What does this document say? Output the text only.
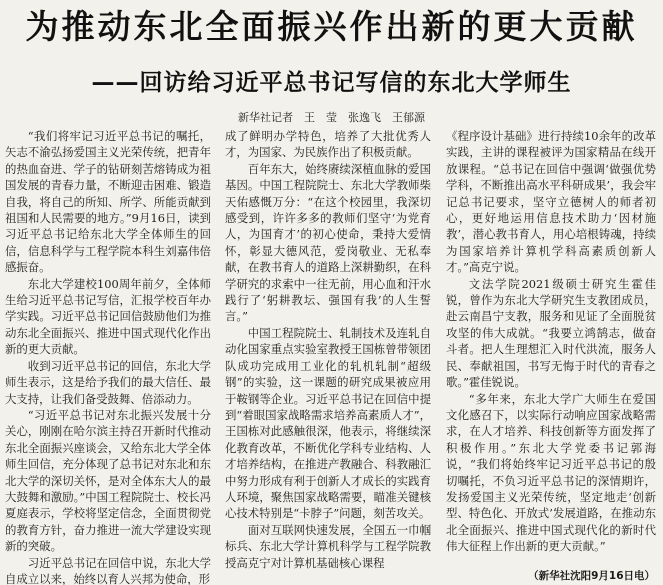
为推动东北全面振兴作出新的更大贡献
——回访给习近平总书记写信的东北大学师生
新华社记者　王　莹　张逸飞　王郁源

“我们将牢记习近平总书记的嘱托，矢志不渝弘扬爱国主义光荣传统，把青年的热血奋进、学子的钻研刻苦熔铸成为祖国发展的青春力量，不断迎击困难、锻造自我，将自己的所知、所学、所能贡献到祖国和人民需要的地方。”9月16日，读到习近平总书记给东北大学全体师生的回信，信息科学与工程学院本科生刘嘉伟倍感振奋。

东北大学建校100周年前夕，全体师生给习近平总书记写信，汇报学校百年办学实践。习近平总书记回信鼓励他们为推动东北全面振兴、推进中国式现代化作出新的更大贡献。

收到习近平总书记的回信，东北大学师生表示，这是给予我们的最大信任、最大支持，让我们备受鼓舞、倍添动力。

“习近平总书记对东北振兴发展十分关心，刚刚在哈尔滨主持召开新时代推动东北全面振兴座谈会，又给东北大学全体师生回信，充分体现了总书记对东北和东北大学的深切关怀，是对全体东大人的最大鼓舞和激励。”中国工程院院士、校长冯夏庭表示，学校将坚定信念，全面贯彻党的教育方针，奋力推进一流大学建设实现新的突破。

习近平总书记在回信中说，东北大学自成立以来，始终以育人兴邦为使命，形

成了鲜明办学特色，培养了大批优秀人才，为国家、为民族作出了积极贡献。

百年东大，始终赓续深植血脉的爱国基因。中国工程院院士、东北大学教师柴天佑感慨万分：“在这个校园里，我深切感受到，许许多多的教师们坚守‘为党育人，为国育才’的初心使命，秉持大爱情怀，彰显大德风范，爱岗敬业、无私奉献，在教书育人的道路上深耕勤织，在科学研究的求索中一往无前，用心血和汗水践行了‘躬耕教坛、强国有我’的人生誓言。”

中国工程院院士、轧制技术及连轧自动化国家重点实验室教授王国栋曾带领团队成功完成用工业化的轧机轧制“超级钢”的实验，这一课题的研究成果被应用于鞍钢等企业。习近平总书记在回信中提到“着眼国家战略需求培养高素质人才”，王国栋对此感触很深，他表示，将继续深化教育改革，不断优化学科专业结构、人才培养结构，在推进产教融合、科教融汇中努力形成有利于创新人才成长的实践育人环境，聚焦国家战略需要，瞄准关键核心技术特别是“卡脖子”问题，刻苦攻关。

面对互联网快速发展，全国五一巾帼标兵、东北大学计算机科学与工程学院教授高克宁对计算机基础核心课程

《程序设计基础》进行持续10余年的改革实践，主讲的课程被评为国家精品在线开放课程。“总书记在回信中强调‘做强优势学科，不断推出高水平科研成果’，我会牢记总书记要求，坚守立德树人的师者初心，更好地运用信息技术助力‘因材施教’，潜心教书育人，用心培根铸魂，持续为国家培养计算机学科高素质创新人才。”高克宁说。

文法学院2021级硕士研究生霍佳锐，曾作为东北大学研究生支教团成员，赴云南昌宁支教，服务和见证了全面脱贫攻坚的伟大成就。“我要立鸿鹄志，做奋斗者。把人生理想汇入时代洪流，服务人民、奉献祖国，书写无悔于时代的青春之歌。”霍佳锐说。

“多年来，东北大学广大师生在爱国文化感召下，以实际行动响应国家战略需求，在人才培养、科技创新等方面发挥了积极作用。”东北大学党委书记郭海说，“我们将始终牢记习近平总书记的殷切嘱托，不负习近平总书记的深情期许，发扬爱国主义光荣传统，坚定地走‘创新型、特色化、开放式’发展道路，在推动东北全面振兴、推进中国式现代化的新时代伟大征程上作出新的更大贡献。”

（新华社沈阳9月16日电）
